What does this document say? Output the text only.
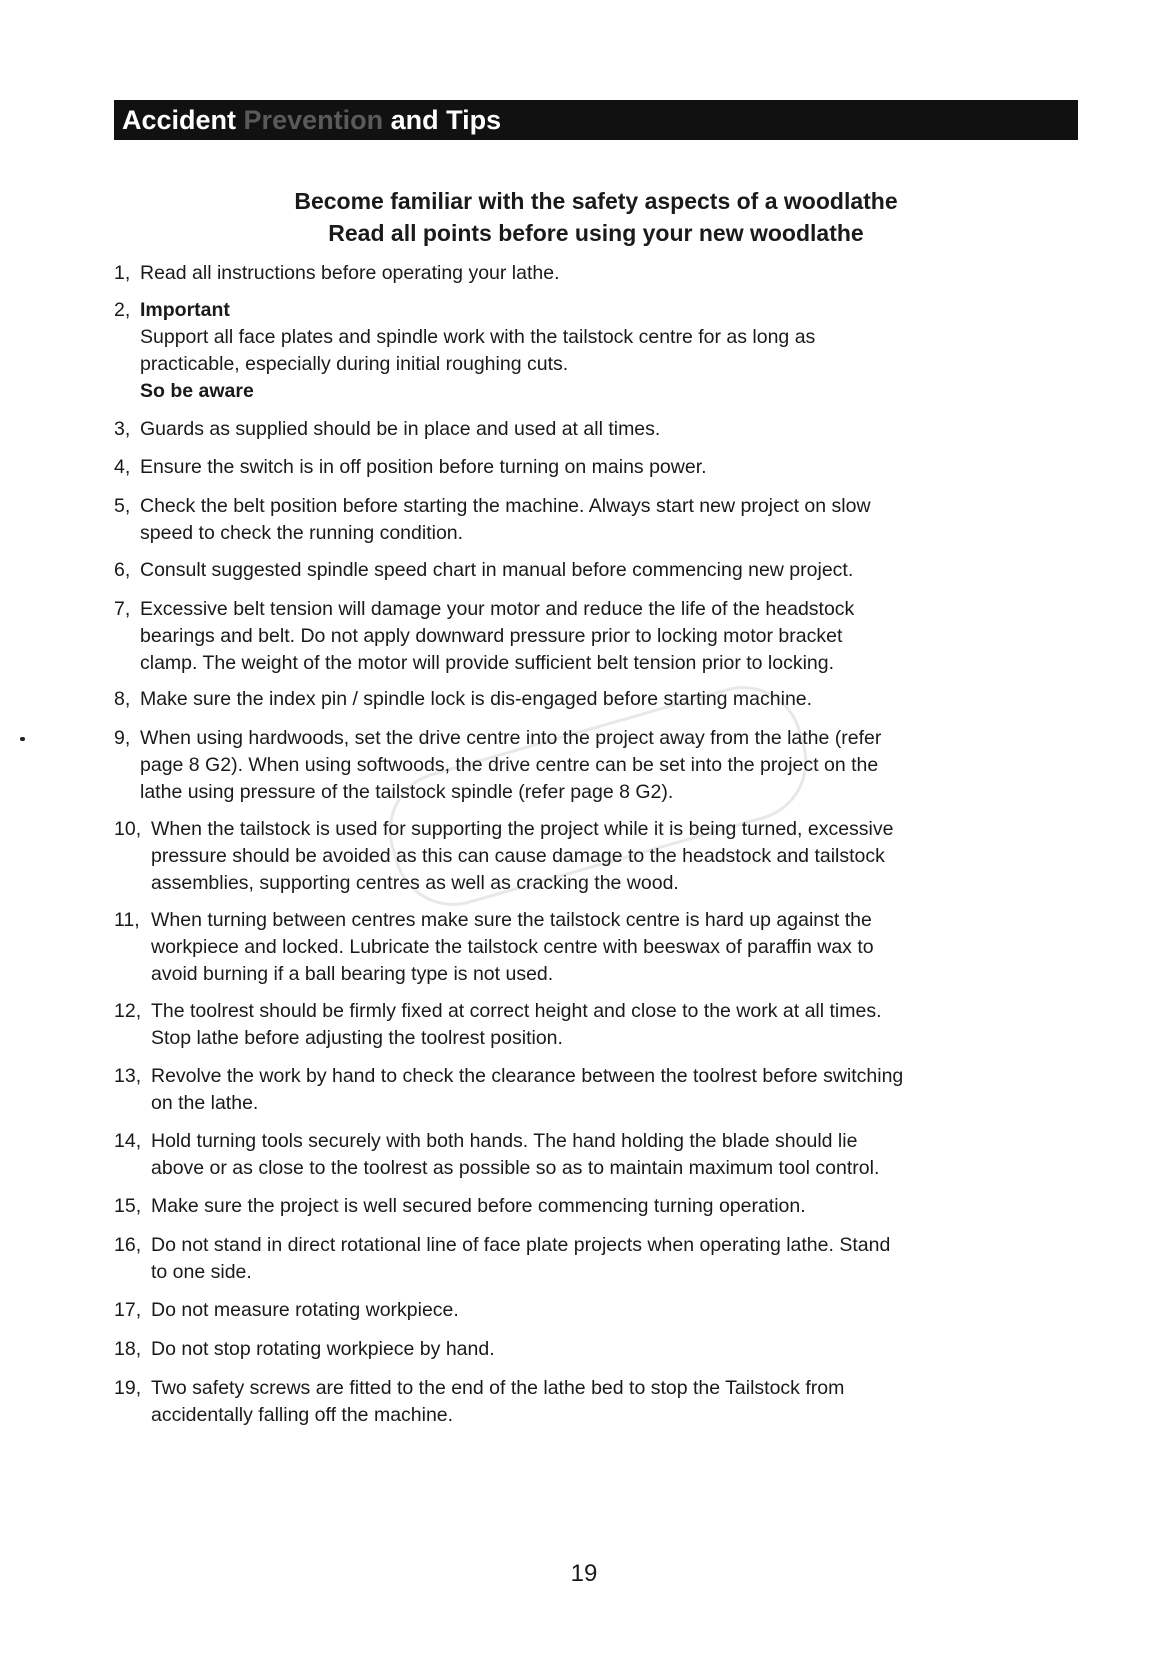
Accident Prevention and Tips
Become familiar with the safety aspects of a woodlathe
Read all points before using your new woodlathe
1, Read all instructions before operating your lathe.
2, Important
Support all face plates and spindle work with the tailstock centre for as long as
practicable, especially during initial roughing cuts.
So be aware
3, Guards as supplied should be in place and used at all times.
4, Ensure the switch is in off position before turning on mains power.
5, Check the belt position before starting the machine. Always start new project on slow
speed to check the running condition.
6, Consult suggested spindle speed chart in manual before commencing new project.
7, Excessive belt tension will damage your motor and reduce the life of the headstock
bearings and belt. Do not apply downward pressure prior to locking motor bracket
clamp. The weight of the motor will provide sufficient belt tension prior to locking.
8, Make sure the index pin / spindle lock is dis-engaged before starting machine.
9, When using hardwoods, set the drive centre into the project away from the lathe (refer
page 8 G2). When using softwoods, the drive centre can be set into the project on the
lathe using pressure of the tailstock spindle (refer page 8 G2).
10, When the tailstock is used for supporting the project while it is being turned, excessive
pressure should be avoided as this can cause damage to the headstock and tailstock
assemblies, supporting centres as well as cracking the wood.
11, When turning between centres make sure the tailstock centre is hard up against the
workpiece and locked. Lubricate the tailstock centre with beeswax of paraffin wax to
avoid burning if a ball bearing type is not used.
12, The toolrest should be firmly fixed at correct height and close to the work at all times.
Stop lathe before adjusting the toolrest position.
13, Revolve the work by hand to check the clearance between the toolrest before switching
on the lathe.
14, Hold turning tools securely with both hands. The hand holding the blade should lie
above or as close to the toolrest as possible so as to maintain maximum tool control.
15, Make sure the project is well secured before commencing turning operation.
16, Do not stand in direct rotational line of face plate projects when operating lathe. Stand
to one side.
17, Do not measure rotating workpiece.
18, Do not stop rotating workpiece by hand.
19, Two safety screws are fitted to the end of the lathe bed to stop the Tailstock from
accidentally falling off the machine.
19
